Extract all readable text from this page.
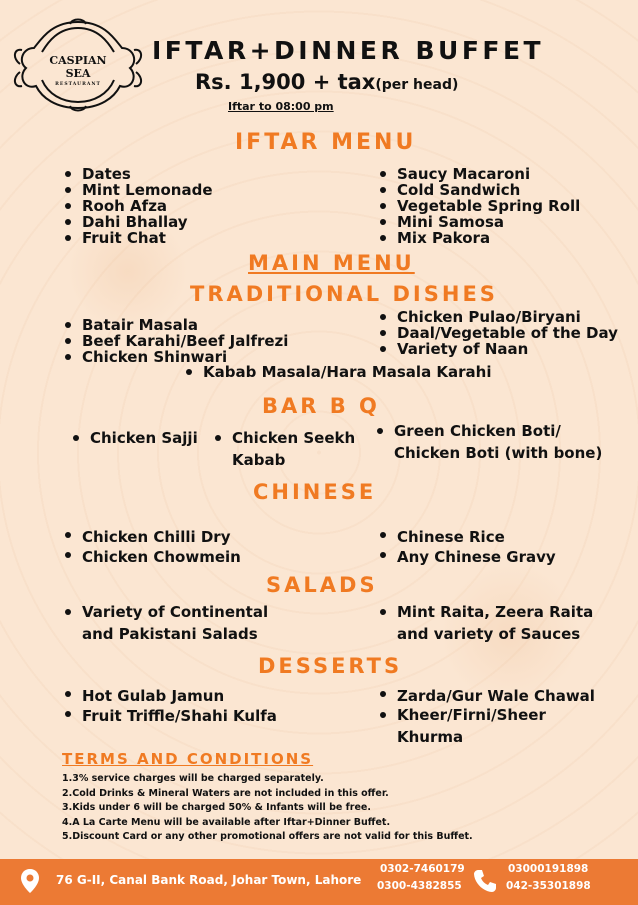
CASPIAN
SEA
RESTAURANT
IFTAR+DINNER BUFFET
Rs. 1,900 + tax(per head)
Iftar to 08:00 pm
IFTAR MENU
Dates
Mint Lemonade
Rooh Afza
Dahi Bhallay
Fruit Chat
Saucy Macaroni
Cold Sandwich
Vegetable Spring Roll
Mini Samosa
Mix Pakora
MAIN MENU
TRADITIONAL DISHES
Batair Masala
Beef Karahi/Beef Jalfrezi
Chicken Shinwari
Chicken Pulao/Biryani
Daal/Vegetable of the Day
Variety of Naan
Kabab Masala/Hara Masala Karahi
BAR B Q
Chicken Sajji	Chicken Seekh Kabab
Green Chicken Boti/ Chicken Boti (with bone)
CHINESE
Chicken Chilli Dry
Chicken Chowmein
Chinese Rice
Any Chinese Gravy
SALADS
Variety of Continental and Pakistani Salads
Mint Raita, Zeera Raita and variety of Sauces
DESSERTS
Hot Gulab Jamun
Fruit Triffle/Shahi Kulfa
Zarda/Gur Wale Chawal
Kheer/Firni/Sheer Khurma
TERMS AND CONDITIONS
1.3% service charges will be charged separately.
2.Cold Drinks & Mineral Waters are not included in this offer.
3.Kids under 6 will be charged 50% & Infants will be free.
4.A La Carte Menu will be available after Iftar+Dinner Buffet.
5.Discount Card or any other promotional offers are not valid for this Buffet.
76 G-II, Canal Bank Road, Johar Town, Lahore
0302-7460179
0300-4382855
03000191898
042-35301898
